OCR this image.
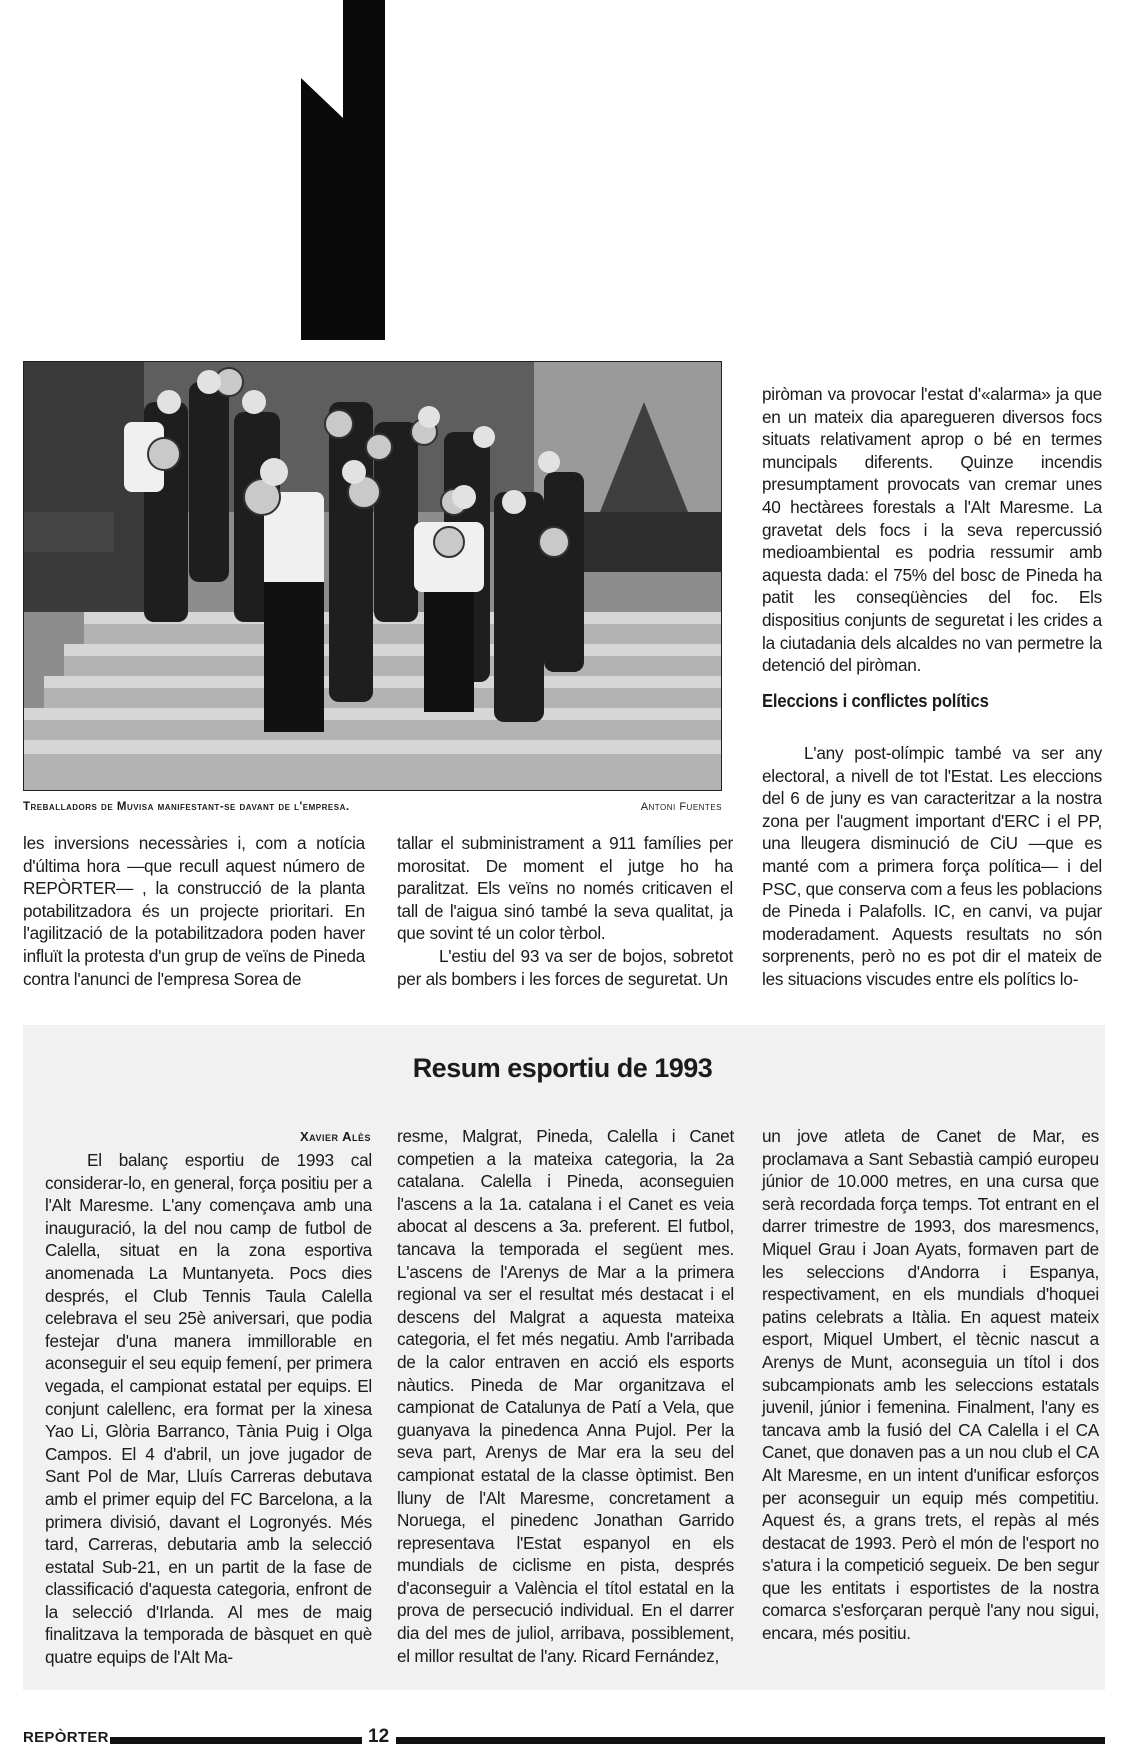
Treballadors de Muvisa manifestant-se davant de l'empresa.	Antoni Fuentes

piròman va provocar l'estat d'«alarma» ja que en un mateix dia aparegueren diversos focs situats relativament aprop o bé en termes muncipals diferents. Quinze incendis presumptament provocats van cremar unes 40 hectàrees forestals a l'Alt Maresme. La gravetat dels focs i la seva repercussió medioambiental es podria ressumir amb aquesta dada: el 75% del bosc de Pineda ha patit les conseqüències del foc. Els dispositius conjunts de seguretat i les crides a la ciutadania dels alcaldes no van permetre la detenció del piròman.

Eleccions i conflictes polítics

L'any post-olímpic també va ser any electoral, a nivell de tot l'Estat. Les eleccions del 6 de juny es van caracteritzar a la nostra zona per l'augment important d'ERC i el PP, una lleugera disminució de CiU —que es manté com a primera força política— i del PSC, que conserva com a feus les poblacions de Pineda i Palafolls. IC, en canvi, va pujar moderadament. Aquests resultats no són sorprenents, però no es pot dir el mateix de les situacions viscudes entre els polítics lo-

les inversions necessàries i, com a notícia d'última hora —que recull aquest número de REPÒRTER— , la construcció de la planta potabilitzadora és un projecte prioritari. En l'agilització de la potabilitzadora poden haver influït la protesta d'un grup de veïns de Pineda contra l'anunci de l'empresa Sorea de

tallar el subministrament a 911 famílies per morositat. De moment el jutge ho ha paralitzat. Els veïns no només criticaven el tall de l'aigua sinó també la seva qualitat, ja que sovint té un color tèrbol.

L'estiu del 93 va ser de bojos, sobretot per als bombers i les forces de seguretat. Un

Resum esportiu de 1993
Xavier Alès

El balanç esportiu de 1993 cal considerar-lo, en general, força positiu per a l'Alt Maresme. L'any començava amb una inauguració, la del nou camp de futbol de Calella, situat en la zona esportiva anomenada La Muntanyeta. Pocs dies després, el Club Tennis Taula Calella celebrava el seu 25è aniversari, que podia festejar d'una manera immillorable en aconseguir el seu equip femení, per primera vegada, el campionat estatal per equips. El conjunt calellenc, era format per la xinesa Yao Li, Glòria Barranco, Tània Puig i Olga Campos. El 4 d'abril, un jove jugador de Sant Pol de Mar, Lluís Carreras debutava amb el primer equip del FC Barcelona, a la primera divisió, davant el Logronyés. Més tard, Carreras, debutaria amb la selecció estatal Sub-21, en un partit de la fase de classificació d'aquesta categoria, enfront de la selecció d'Irlanda. Al mes de maig finalitzava la temporada de bàsquet en què quatre equips de l'Alt Ma-

resme, Malgrat, Pineda, Calella i Canet competien a la mateixa categoria, la 2a catalana. Calella i Pineda, aconseguien l'ascens a la 1a. catalana i el Canet es veia abocat al descens a 3a. preferent. El futbol, tancava la temporada el següent mes. L'ascens de l'Arenys de Mar a la primera regional va ser el resultat més destacat i el descens del Malgrat a aquesta mateixa categoria, el fet més negatiu. Amb l'arribada de la calor entraven en acció els esports nàutics. Pineda de Mar organitzava el campionat de Catalunya de Patí a Vela, que guanyava la pinedenca Anna Pujol. Per la seva part, Arenys de Mar era la seu del campionat estatal de la classe òptimist. Ben lluny de l'Alt Maresme, concretament a Noruega, el pinedenc Jonathan Garrido representava l'Estat espanyol en els mundials de ciclisme en pista, després d'aconseguir a València el títol estatal en la prova de persecució individual. En el darrer dia del mes de juliol, arribava, possiblement, el millor resultat de l'any. Ricard Fernández,

un jove atleta de Canet de Mar, es proclamava a Sant Sebastià campió europeu júnior de 10.000 metres, en una cursa que serà recordada força temps. Tot entrant en el darrer trimestre de 1993, dos maresmencs, Miquel Grau i Joan Ayats, formaven part de les seleccions d'Andorra i Espanya, respectivament, en els mundials d'hoquei patins celebrats a Itàlia. En aquest mateix esport, Miquel Umbert, el tècnic nascut a Arenys de Munt, aconseguia un títol i dos subcampionats amb les seleccions estatals juvenil, júnior i femenina. Finalment, l'any es tancava amb la fusió del CA Calella i el CA Canet, que donaven pas a un nou club el CA Alt Maresme, en un intent d'unificar esforços per aconseguir un equip més competitiu. Aquest és, a grans trets, el repàs al més destacat de 1993. Però el món de l'esport no s'atura i la competició segueix. De ben segur que les entitats i esportistes de la nostra comarca s'esforçaran perquè l'any nou sigui, encara, més positiu.

REPÒRTER	12
